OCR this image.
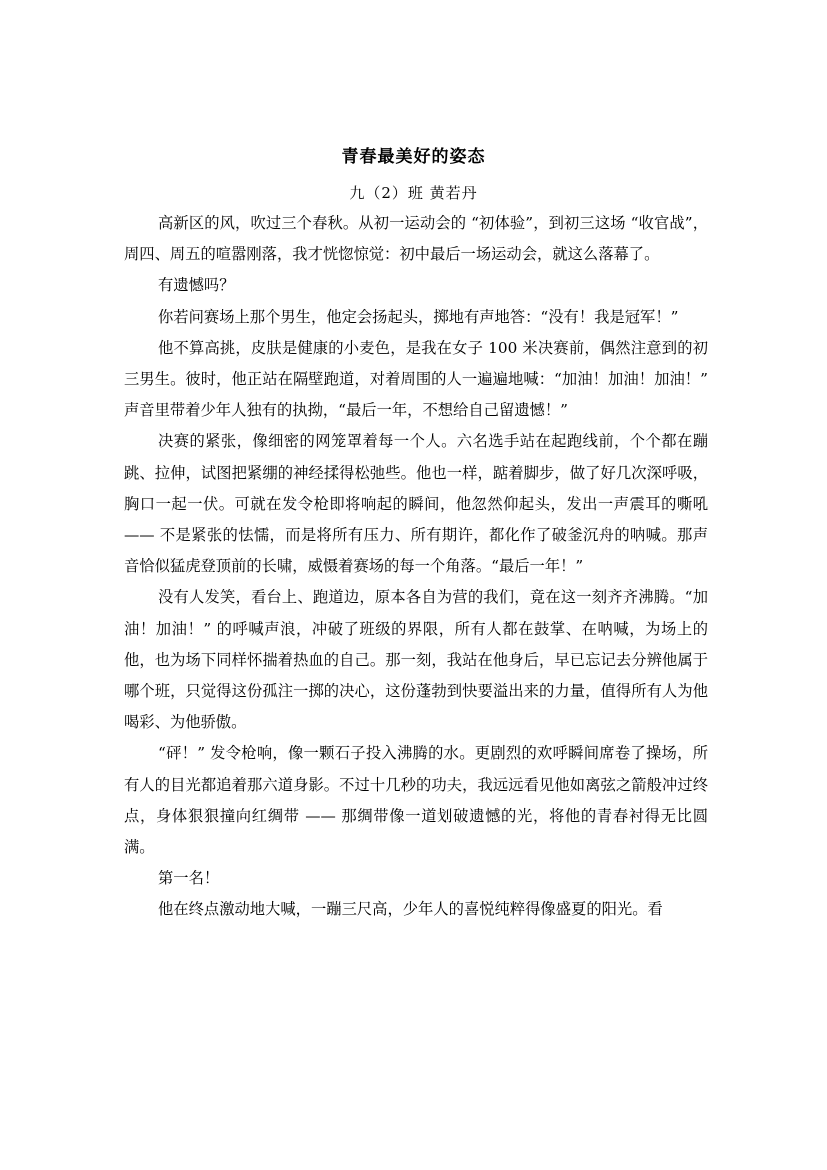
青春最美好的姿态
九（2）班 黄若丹

高新区的风，吹过三个春秋。从初一运动会的 “初体验”，到初三这场 “收官战”，周四、周五的喧嚣刚落，我才恍惚惊觉：初中最后一场运动会，就这么落幕了。

有遗憾吗？

你若问赛场上那个男生，他定会扬起头，掷地有声地答：“没有！我是冠军！”

他不算高挑，皮肤是健康的小麦色，是我在女子 100 米决赛前，偶然注意到的初三男生。彼时，他正站在隔壁跑道，对着周围的人一遍遍地喊：“加油！加油！加油！” 声音里带着少年人独有的执拗，“最后一年，不想给自己留遗憾！”

决赛的紧张，像细密的网笼罩着每一个人。六名选手站在起跑线前，个个都在蹦跳、拉伸，试图把紧绷的神经揉得松弛些。他也一样，踮着脚步，做了好几次深呼吸，胸口一起一伏。可就在发令枪即将响起的瞬间，他忽然仰起头，发出一声震耳的嘶吼 —— 不是紧张的怯懦，而是将所有压力、所有期许，都化作了破釜沉舟的呐喊。那声音恰似猛虎登顶前的长啸，威慑着赛场的每一个角落。“最后一年！”

没有人发笑，看台上、跑道边，原本各自为营的我们，竟在这一刻齐齐沸腾。“加油！加油！” 的呼喊声浪，冲破了班级的界限，所有人都在鼓掌、在呐喊，为场上的他，也为场下同样怀揣着热血的自己。那一刻，我站在他身后，早已忘记去分辨他属于哪个班，只觉得这份孤注一掷的决心，这份蓬勃到快要溢出来的力量，值得所有人为他喝彩、为他骄傲。

“砰！” 发令枪响，像一颗石子投入沸腾的水。更剧烈的欢呼瞬间席卷了操场，所有人的目光都追着那六道身影。不过十几秒的功夫，我远远看见他如离弦之箭般冲过终点，身体狠狠撞向红绸带 —— 那绸带像一道划破遗憾的光，将他的青春衬得无比圆满。

第一名！

他在终点激动地大喊，一蹦三尺高，少年人的喜悦纯粹得像盛夏的阳光。看
